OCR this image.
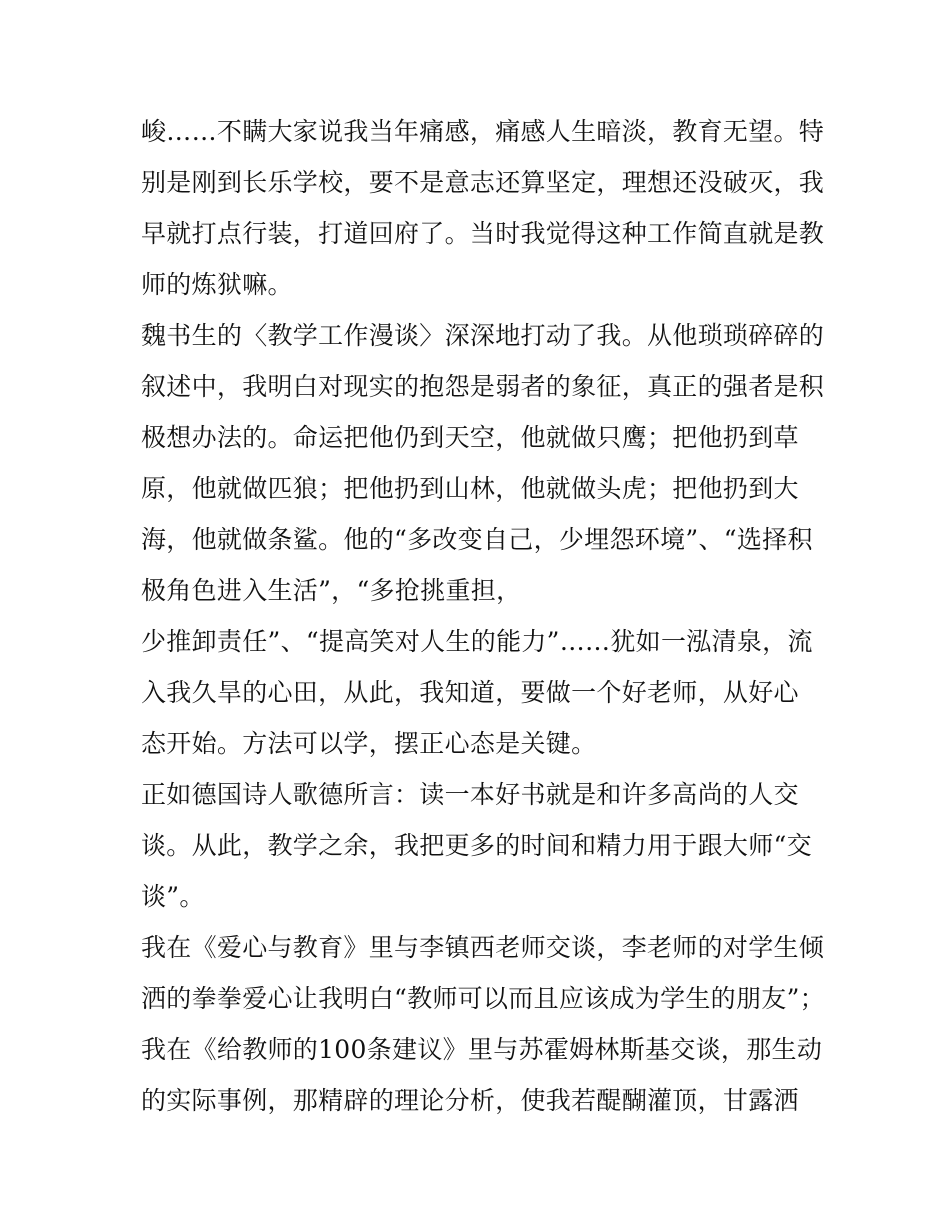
峻……不瞒大家说我当年痛感，痛感人生暗淡，教育无望。特
别是刚到长乐学校，要不是意志还算坚定，理想还没破灭，我
早就打点行装，打道回府了。当时我觉得这种工作简直就是教
师的炼狱嘛。
魏书生的〈教学工作漫谈〉深深地打动了我。从他琐琐碎碎的
叙述中，我明白对现实的抱怨是弱者的象征，真正的强者是积
极想办法的。命运把他仍到天空，他就做只鹰；把他扔到草
原，他就做匹狼；把他扔到山林，他就做头虎；把他扔到大
海，他就做条鲨。他的“多改变自己，少埋怨环境”、“选择积
极角色进入生活”，“多抢挑重担，
少推卸责任”、“提高笑对人生的能力”……犹如一泓清泉，流
入我久旱的心田，从此，我知道，要做一个好老师，从好心
态开始。方法可以学，摆正心态是关键。
正如德国诗人歌德所言：读一本好书就是和许多高尚的人交
谈。从此，教学之余，我把更多的时间和精力用于跟大师“交
谈”。
我在《爱心与教育》里与李镇西老师交谈，李老师的对学生倾
洒的拳拳爱心让我明白“教师可以而且应该成为学生的朋友”；
我在《给教师的100条建议》里与苏霍姆林斯基交谈，那生动
的实际事例，那精辟的理论分析，使我若醍醐灌顶，甘露洒
